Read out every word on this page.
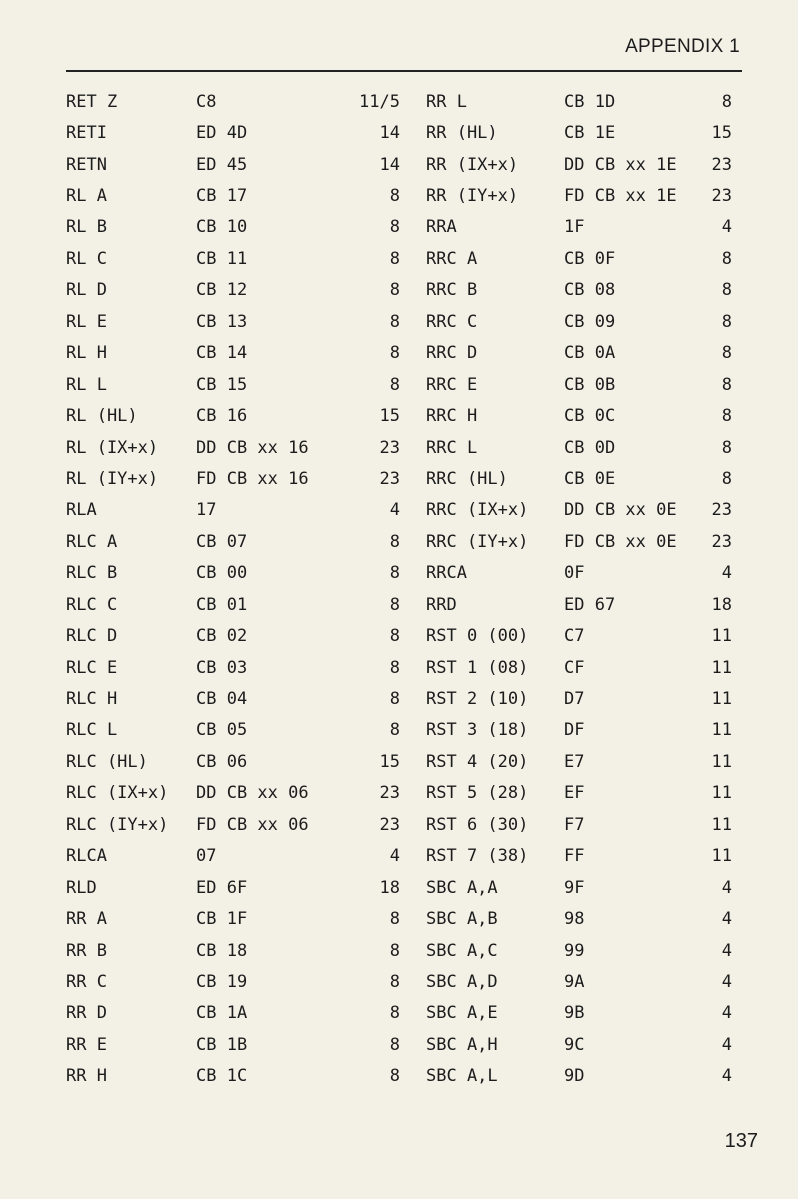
APPENDIX 1
RET Z	C8	11/5	RR L	CB 1D	8
RETI	ED 4D	14	RR (HL)	CB 1E	15
RETN	ED 45	14	RR (IX+x)	DD CB xx 1E	23
RL A	CB 17	8	RR (IY+x)	FD CB xx 1E	23
RL B	CB 10	8	RRA	1F	4
RL C	CB 11	8	RRC A	CB 0F	8
RL D	CB 12	8	RRC B	CB 08	8
RL E	CB 13	8	RRC C	CB 09	8
RL H	CB 14	8	RRC D	CB 0A	8
RL L	CB 15	8	RRC E	CB 0B	8
RL (HL)	CB 16	15	RRC H	CB 0C	8
RL (IX+x)	DD CB xx 16	23	RRC L	CB 0D	8
RL (IY+x)	FD CB xx 16	23	RRC (HL)	CB 0E	8
RLA	17	4	RRC (IX+x)	DD CB xx 0E	23
RLC A	CB 07	8	RRC (IY+x)	FD CB xx 0E	23
RLC B	CB 00	8	RRCA	0F	4
RLC C	CB 01	8	RRD	ED 67	18
RLC D	CB 02	8	RST 0 (00)	C7	11
RLC E	CB 03	8	RST 1 (08)	CF	11
RLC H	CB 04	8	RST 2 (10)	D7	11
RLC L	CB 05	8	RST 3 (18)	DF	11
RLC (HL)	CB 06	15	RST 4 (20)	E7	11
RLC (IX+x)	DD CB xx 06	23	RST 5 (28)	EF	11
RLC (IY+x)	FD CB xx 06	23	RST 6 (30)	F7	11
RLCA	07	4	RST 7 (38)	FF	11
RLD	ED 6F	18	SBC A,A	9F	4
RR A	CB 1F	8	SBC A,B	98	4
RR B	CB 18	8	SBC A,C	99	4
RR C	CB 19	8	SBC A,D	9A	4
RR D	CB 1A	8	SBC A,E	9B	4
RR E	CB 1B	8	SBC A,H	9C	4
RR H	CB 1C	8	SBC A,L	9D	4
137
